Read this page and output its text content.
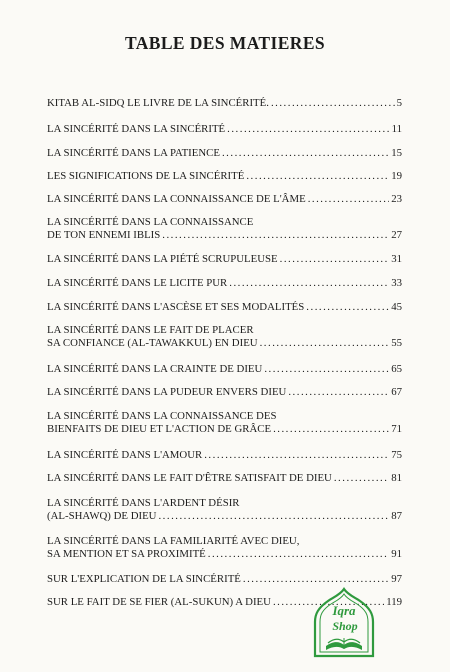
TABLE DES MATIERES
KITAB AL-SIDQ LE LIVRE DE LA SINCÉRITÉ. . . .	5
LA SINCÉRITÉ DANS LA SINCÉRITÉ . . .	11
LA SINCÉRITÉ DANS LA PATIENCE . . .	15
LES SIGNIFICATIONS DE LA SINCÉRITÉ . . .	19
LA SINCÉRITÉ DANS LA CONNAISSANCE DE L'ÂME . . .	23
LA SINCÉRITÉ DANS LA CONNAISSANCE
DE TON ENNEMI IBLIS . . .	27
LA SINCÉRITÉ DANS LA PIÉTÉ SCRUPULEUSE . . .	31
LA SINCÉRITÉ DANS LE LICITE PUR . . .	33
LA SINCÉRITÉ DANS L'ASCÈSE ET SES MODALITÉS . . .	45
LA SINCÉRITÉ DANS LE FAIT DE PLACER
SA CONFIANCE (AL-TAWAKKUL) EN DIEU . . .	55
LA SINCÉRITÉ DANS LA CRAINTE DE DIEU . . .	65
LA SINCÉRITÉ DANS LA PUDEUR ENVERS DIEU . . .	67
LA SINCÉRITÉ DANS LA CONNAISSANCE DES
BIENFAITS DE DIEU ET L'ACTION DE GRÂCE . . .	71
LA SINCÉRITÉ DANS L'AMOUR . . .	75
LA SINCÉRITÉ DANS LE FAIT D'ÊTRE SATISFAIT DE DIEU . . .	81
LA SINCÉRITÉ DANS L'ARDENT DÉSIR
(AL-SHAWQ) DE DIEU . . .	87
LA SINCÉRITÉ DANS LA FAMILIARITÉ AVEC DIEU,
SA MENTION ET SA PROXIMITÉ . . .	91
SUR L'EXPLICATION DE LA SINCÉRITÉ . . .	97
SUR LE FAIT DE SE FIER (AL-SUKUN) A DIEU . . .	119
Iqra
Shop
